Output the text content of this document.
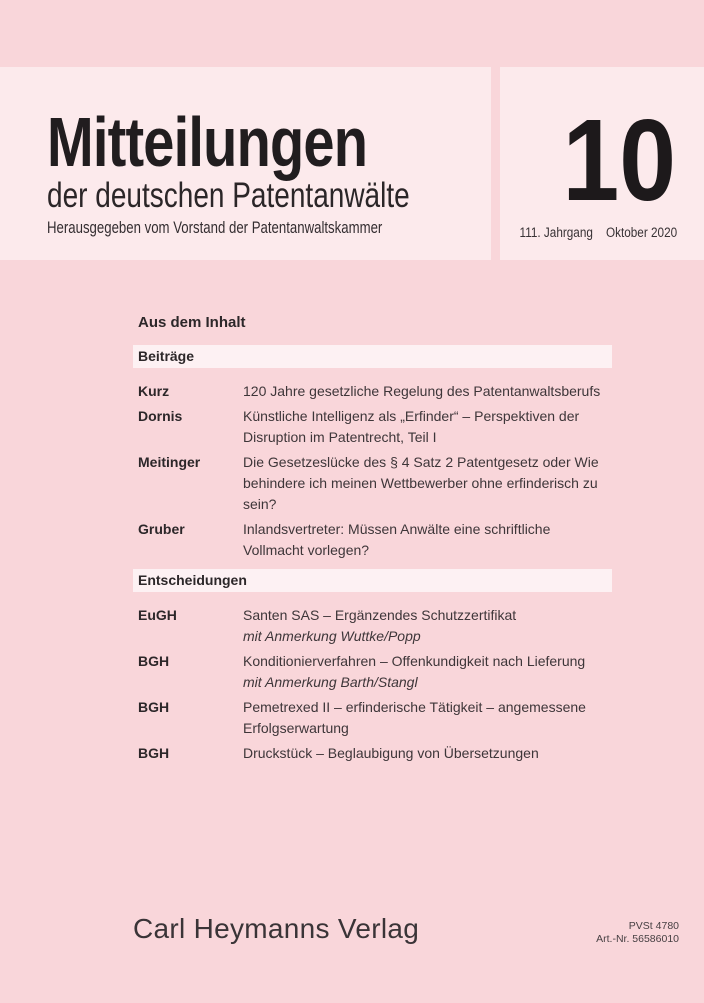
Mitteilungen
der deutschen Patentanwälte
Herausgegeben vom Vorstand der Patentanwaltskammer
10
111. Jahrgang Oktober 2020
Aus dem Inhalt
Beiträge
Kurz	120 Jahre gesetzliche Regelung des Patentanwaltsberufs
Dornis	Künstliche Intelligenz als „Erfinder“ – Perspektiven der Disruption im Patentrecht, Teil I
Meitinger	Die Gesetzeslücke des § 4 Satz 2 Patentgesetz oder Wie behindere ich meinen Wettbewerber ohne erfinderisch zu sein?
Gruber	Inlandsvertreter: Müssen Anwälte eine schriftliche Vollmacht vorlegen?
Entscheidungen
EuGH	Santen SAS – Ergänzendes Schutzzertifikat
mit Anmerkung Wuttke/Popp
BGH	Konditionierverfahren – Offenkundigkeit nach Lieferung
mit Anmerkung Barth/Stangl
BGH	Pemetrexed II – erfinderische Tätigkeit – angemessene Erfolgserwartung
BGH	Druckstück – Beglaubigung von Übersetzungen
Carl Heymanns Verlag	PVSt 4780
Art.-Nr. 56586010
